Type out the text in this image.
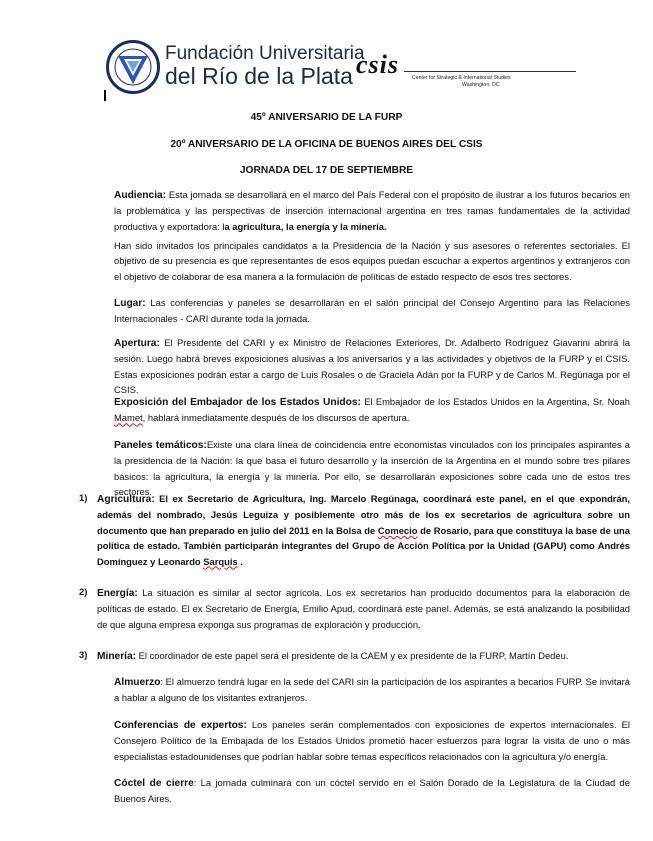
Fundación Universitaria
del Río de la Plata csis	Center for Strategic & International Studies
Washington, DC
45º ANIVERSARIO DE LA FURP
20º ANIVERSARIO DE LA OFICINA DE BUENOS AIRES DEL CSIS
JORNADA DEL 17 DE SEPTIEMBRE

Audiencia: Esta jornada se desarrollará en el marco del País Federal con el propósito de ilustrar a los futuros becarios en la problemática y las perspectivas de inserción internacional argentina en tres ramas fundamentales de la actividad productiva y exportadora: la agricultura, la energía y la minería.

Han sido invitados los principales candidatos a la Presidencia de la Nación y sus asesores o referentes sectoriales. El objetivo de su presencia es que representantes de esos equipos puedan escuchar a expertos argentinos y extranjeros con el objetivo de colaborar de esa manera a la formulación de políticas de estado respecto de esos tres sectores.

Lugar: Las conferencias y paneles se desarrollarán en el salón principal del Consejo Argentino para las Relaciones Internacionales - CARI durante toda la jornada.

Apertura: El Presidente del CARI y ex Ministro de Relaciones Exteriores, Dr. Adalberto Rodríguez Giavarini abrirá la sesión. Luego habrá breves exposiciones alusivas a los aniversarios y a las actividades y objetivos de la FURP y el CSIS. Estas exposiciones podrán estar a cargo de Luis Rosales o de Graciela Adán por la FURP y de Carlos M. Regúnaga por el CSIS.

Exposición del Embajador de los Estados Unidos: El Embajador de los Estados Unidos en la Argentina, Sr. Noah Mamet, hablará inmediatamente después de los discursos de apertura.

Paneles temáticos:Existe una clara línea de coincidencia entre economistas vinculados con los principales aspirantes a la presidencia de la Nación: la que basa el futuro desarrollo y la inserción de la Argentina en el mundo sobre tres pilares básicos: la agricultura, la energía y la minería. Por ello, se desarrollarán exposiciones sobre cada uno de estos tres sectores.

1) Agricultura: El ex Secretario de Agricultura, Ing. Marcelo Regúnaga, coordinará este panel, en el que expondrán, además del nombrado, Jesús Leguiza y posiblemente otro más de los ex secretarios de agricultura sobre un documento que han preparado en julio del 2011 en la Bolsa de Comecio de Rosario, para que constituya la base de una política de estado. También participarán integrantes del Grupo de Acción Política por la Unidad (GAPU) como Andrés Domínguez y Leonardo Sarquis .

2) Energía: La situación es similar al sector agrícola. Los ex secretarios han producido documentos para la elaboración de políticas de estado. El ex Secretario de Energía, Emilio Apud, coordinará este panel. Además, se está analizando la posibilidad de que alguna empresa exponga sus programas de exploración y producción.

3) Minería: El coordinador de este papel será el presidente de la CAEM y ex presidente de la FURP, Martín Dedeu.

Almuerzo: El almuerzo tendrá lugar en la sede del CARI sin la participación de los aspirantes a becarios FURP. Se invitará a hablar a alguno de los visitantes extranjeros.

Conferencias de expertos: Los paneles serán complementados con exposiciones de expertos internacionales. El Consejero Político de la Embajada de los Estados Unidos prometió hacer esfuerzos para lograr la visita de uno o más especialistas estadounidenses que podrían hablar sobre temas específicos relacionados con la agricultura y/o energía.

Cóctel de cierre: La jornada culminará con un cóctel servido en el Salón Dorado de la Legislatura de la Ciudad de Buenos Aires.
